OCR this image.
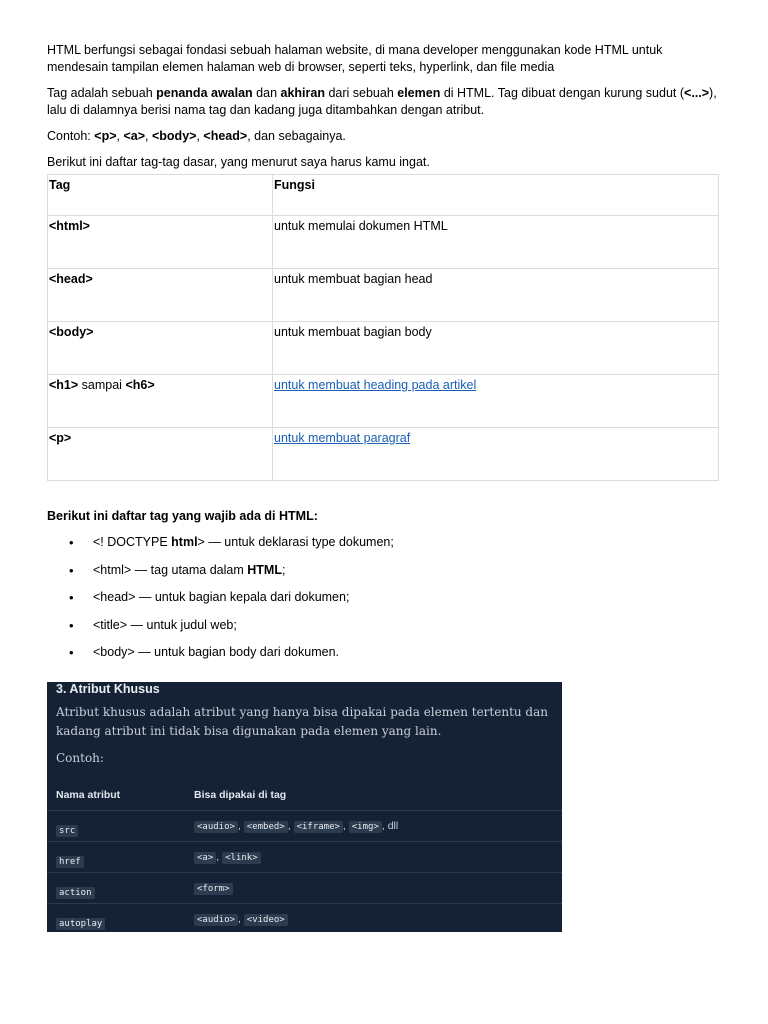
HTML berfungsi sebagai fondasi sebuah halaman website, di mana developer menggunakan kode HTML untuk mendesain tampilan elemen halaman web di browser, seperti teks, hyperlink, dan file media

Tag adalah sebuah penanda awalan dan akhiran dari sebuah elemen di HTML. Tag dibuat dengan kurung sudut (<...>), lalu di dalamnya berisi nama tag dan kadang juga ditambahkan dengan atribut.

Contoh: <p>, <a>, <body>, <head>, dan sebagainya.

Berikut ini daftar tag-tag dasar, yang menurut saya harus kamu ingat.

Tag	Fungsi
<html>	untuk memulai dokumen HTML
<head>	untuk membuat bagian head
<body>	untuk membuat bagian body
<h1> sampai <h6>	untuk membuat heading pada artikel
<p>	untuk membuat paragraf

Berikut ini daftar tag yang wajib ada di HTML:

• <! DOCTYPE html> — untuk deklarasi type dokumen;
• <html> — tag utama dalam HTML;
• <head> — untuk bagian kepala dari dokumen;
• <title> — untuk judul web;
• <body> — untuk bagian body dari dokumen.
3. Atribut Khusus
Atribut khusus adalah atribut yang hanya bisa dipakai pada elemen tertentu dan kadang atribut ini tidak bisa digunakan pada elemen yang lain.
Contoh:
Nama atribut	Bisa dipakai di tag
src	<audio> , <embed> , <iframe> , <img> , dll
href	<a> , <link>
action	<form>
autoplay	<audio> , <video>
